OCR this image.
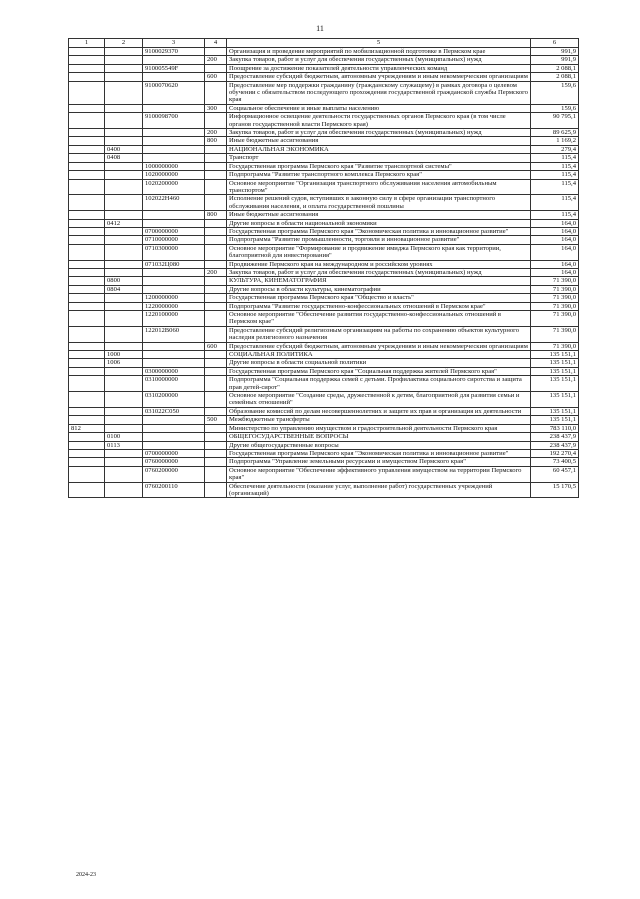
11
1	2	3	4	5	6
		9100029370		Организация и проведение мероприятий по мобилизационной подготовке в Пермском крае	991,9
			200	Закупка товаров, работ и услуг для обеспечения государственных (муниципальных) нужд	991,9
		910005549F		Поощрение за достижение показателей деятельности управленческих команд	2 088,1
			600	Предоставление субсидий бюджетным, автономным учреждениям и иным некоммерческим организациям	2 088,1
		9100070620		Предоставление мер поддержки гражданину (гражданскому служащему) в рамках договора о целевом обучении с обязательством последующего прохождения государственной гражданской службы Пермского края	159,6
			300	Социальное обеспечение и иные выплаты населению	159,6
		9100098700		Информационное освещение деятельности государственных органов Пермского края (в том числе органов государственной власти Пермского края)	90 795,1
			200	Закупка товаров, работ и услуг для обеспечения государственных (муниципальных) нужд	89 625,9
			800	Иные бюджетные ассигнования	1 169,2
	0400			НАЦИОНАЛЬНАЯ ЭКОНОМИКА	279,4
	0408			Транспорт	115,4
		1000000000		Государственная программа Пермского края "Развитие транспортной системы"	115,4
		1020000000		Подпрограмма "Развитие транспортного комплекса Пермского края"	115,4
		1020200000		Основное мероприятие "Организация транспортного обслуживания населения автомобильным транспортом"	115,4
		102022Н460		Исполнение решений судов, вступивших в законную силу в сфере организации транспортного обслуживания населения, и оплата государственной пошлины	115,4
			800	Иные бюджетные ассигнования	115,4
	0412			Другие вопросы в области национальной экономики	164,0
		0700000000		Государственная программа Пермского края "Экономическая политика и инновационное развитие"	164,0
		0710000000		Подпрограмма "Развитие промышленности, торговли и инновационное развитие"	164,0
		0710300000		Основное мероприятие "Формирование и продвижение имиджа Пермского края как территории, благоприятной для инвестирования"	164,0
		071032Ц080		Продвижение Пермского края на международном и российском уровнях	164,0
			200	Закупка товаров, работ и услуг для обеспечения государственных (муниципальных) нужд	164,0
	0800			КУЛЬТУРА, КИНЕМАТОГРАФИЯ	71 390,0
	0804			Другие вопросы в области культуры, кинематографии	71 390,0
		1200000000		Государственная программа Пермского края "Общество и власть"	71 390,0
		1220000000		Подпрограмма "Развитие государственно-конфессиональных отношений в Пермском крае"	71 390,0
		1220100000		Основное мероприятие "Обеспечение развития государственно-конфессиональных отношений в Пермском крае"	71 390,0
		122012В060		Предоставление субсидий религиозным организациям на работы по сохранению объектов культурного наследия религиозного назначения	71 390,0
			600	Предоставление субсидий бюджетным, автономным учреждениям и иным некоммерческим организациям	71 390,0
	1000			СОЦИАЛЬНАЯ ПОЛИТИКА	135 151,1
	1006			Другие вопросы в области социальной политики	135 151,1
		0300000000		Государственная программа Пермского края "Социальная поддержка жителей Пермского края"	135 151,1
		0310000000		Подпрограмма "Социальная поддержка семей с детьми. Профилактика социального сиротства и защита прав детей-сирот"	135 151,1
		0310200000		Основное мероприятие "Создание среды, дружественной к детям, благоприятной для развития семьи и семейных отношений"	135 151,1
		031022С050		Образование комиссий по делам несовершеннолетних и защите их прав и организация их деятельности	135 151,1
			500	Межбюджетные трансферты	135 151,1
812				Министерство по управлению имуществом и градостроительной деятельности Пермского края	783 110,0
	0100			ОБЩЕГОСУДАРСТВЕННЫЕ ВОПРОСЫ	238 437,9
	0113			Другие общегосударственные вопросы	238 437,9
		0700000000		Государственная программа Пермского края "Экономическая политика и инновационное развитие"	192 270,4
		0760000000		Подпрограмма "Управление земельными ресурсами и имуществом Пермского края"	73 400,5
		0760200000		Основное мероприятие "Обеспечение эффективного управления имуществом на территории Пермского края"	60 457,1
		0760200110		Обеспечение деятельности (оказание услуг, выполнение работ) государственных учреждений (организаций)	15 170,5
2024-23
